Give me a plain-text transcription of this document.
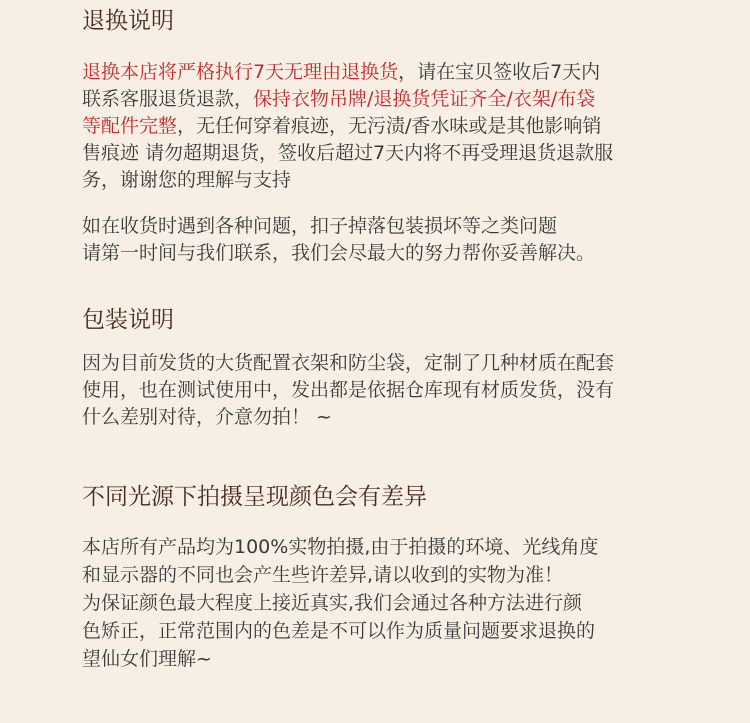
退换说明
退换本店将严格执行7天无理由退换货，请在宝贝签收后7天内
联系客服退货退款，保持衣物吊牌/退换货凭证齐全/衣架/布袋
等配件完整，无任何穿着痕迹，无污渍/香水味或是其他影响销
售痕迹 请勿超期退货，签收后超过7天内将不再受理退货退款服
务，谢谢您的理解与支持
如在收货时遇到各种问题，扣子掉落包装损坏等之类问题
请第一时间与我们联系，我们会尽最大的努力帮你妥善解决。
包装说明
因为目前发货的大货配置衣架和防尘袋，定制了几种材质在配套
使用，也在测试使用中，发出都是依据仓库现有材质发货，没有
什么差别对待，介意勿拍！ ~
不同光源下拍摄呈现颜色会有差异
本店所有产品均为100%实物拍摄,由于拍摄的环境、光线角度
和显示器的不同也会产生些许差异,请以收到的实物为准！
为保证颜色最大程度上接近真实,我们会通过各种方法进行颜
色矫正，正常范围内的色差是不可以作为质量问题要求退换的
望仙女们理解~
